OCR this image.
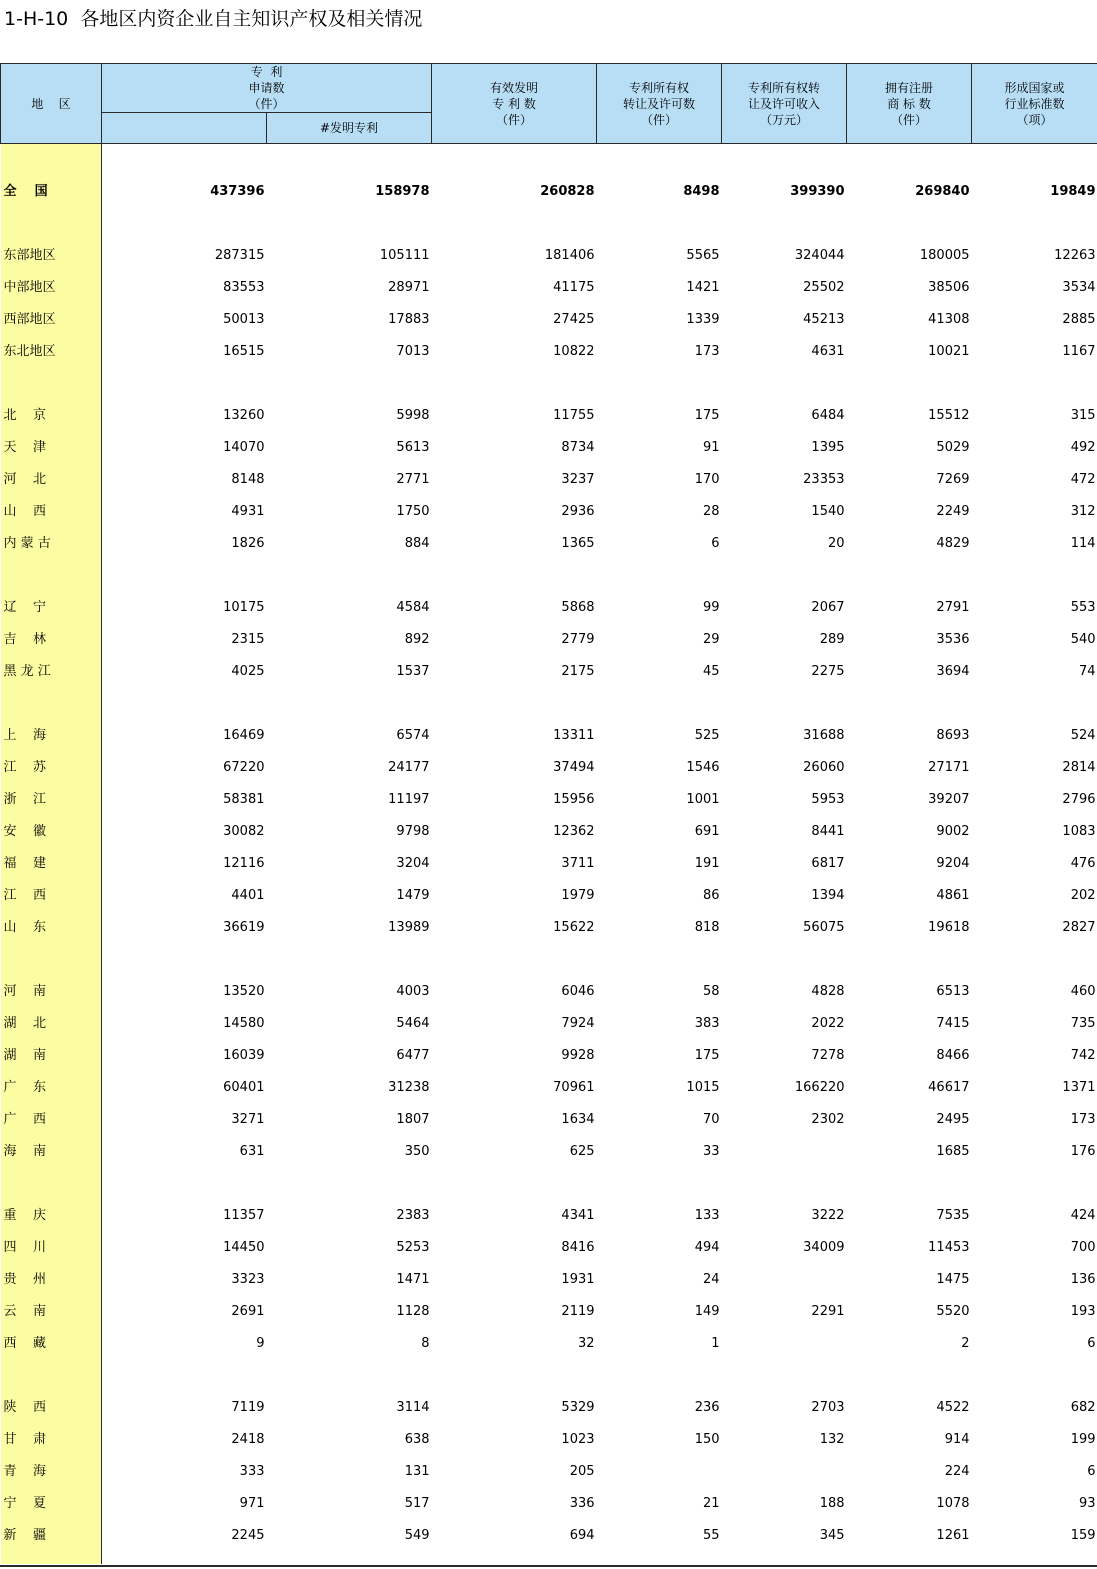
1-H-10  各地区内资企业自主知识产权及相关情况
地    区	专  利
申请数
（件）		有效发明
专 利 数
（件）	专利所有权
转让及许可数
（件）	专利所有权转
让及许可收入
（万元）	拥有注册
商 标 数
（件）	形成国家或
行业标准数
（项）

		#发明专利					

全    国	437396	158978	260828	8498	399390	269840	19849

东部地区	287315	105111	181406	5565	324044	180005	12263
中部地区	83553	28971	41175	1421	25502	38506	3534
西部地区	50013	17883	27425	1339	45213	41308	2885
东北地区	16515	7013	10822	173	4631	10021	1167

北    京	13260	5998	11755	175	6484	15512	315
天    津	14070	5613	8734	91	1395	5029	492
河    北	8148	2771	3237	170	23353	7269	472
山    西	4931	1750	2936	28	1540	2249	312
内 蒙 古	1826	884	1365	6	20	4829	114

辽    宁	10175	4584	5868	99	2067	2791	553
吉    林	2315	892	2779	29	289	3536	540
黑 龙 江	4025	1537	2175	45	2275	3694	74

上    海	16469	6574	13311	525	31688	8693	524
江    苏	67220	24177	37494	1546	26060	27171	2814
浙    江	58381	11197	15956	1001	5953	39207	2796
安    徽	30082	9798	12362	691	8441	9002	1083
福    建	12116	3204	3711	191	6817	9204	476
江    西	4401	1479	1979	86	1394	4861	202
山    东	36619	13989	15622	818	56075	19618	2827

河    南	13520	4003	6046	58	4828	6513	460
湖    北	14580	5464	7924	383	2022	7415	735
湖    南	16039	6477	9928	175	7278	8466	742
广    东	60401	31238	70961	1015	166220	46617	1371
广    西	3271	1807	1634	70	2302	2495	173
海    南	631	350	625	33		1685	176

重    庆	11357	2383	4341	133	3222	7535	424
四    川	14450	5253	8416	494	34009	11453	700
贵    州	3323	1471	1931	24		1475	136
云    南	2691	1128	2119	149	2291	5520	193
西    藏	9	8	32	1		2	6

陕    西	7119	3114	5329	236	2703	4522	682
甘    肃	2418	638	1023	150	132	914	199
青    海	333	131	205			224	6
宁    夏	971	517	336	21	188	1078	93
新    疆	2245	549	694	55	345	1261	159
